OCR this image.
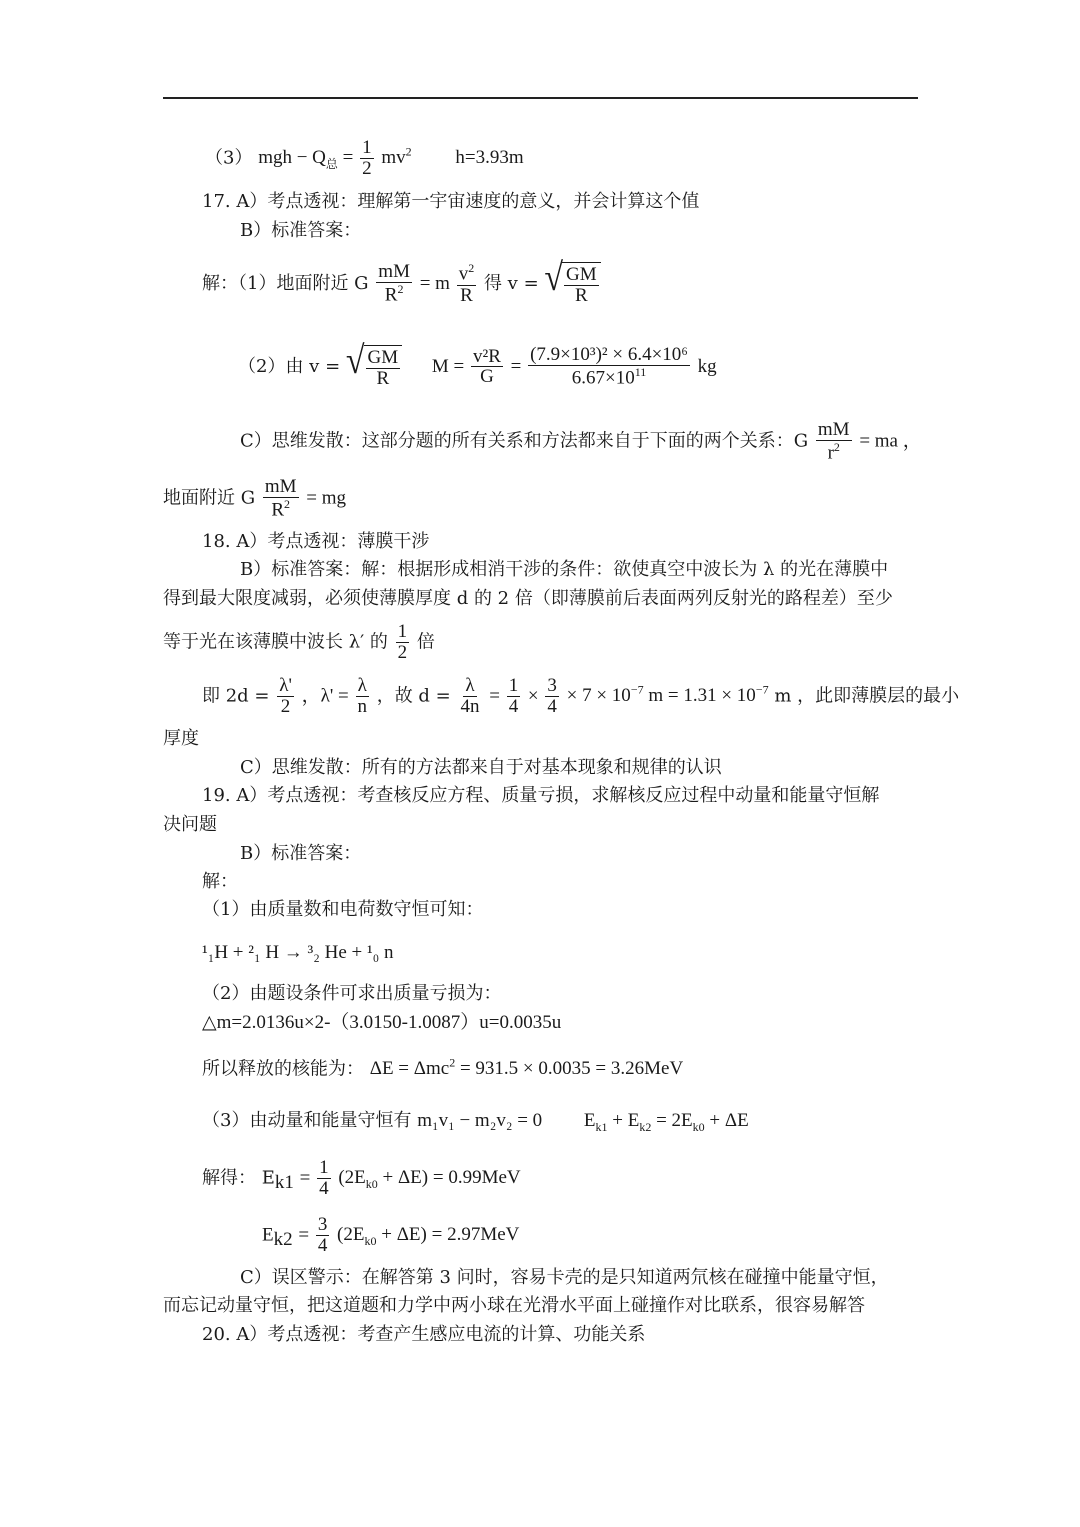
（3） mgh − $Q_总 = \frac{1}{2} mv^2$ h=3.93m
17. A）考点透视：理解第一宇宙速度的意义，并会计算这个值
B）标准答案：
解：（1）地面附近 G $\frac{mM}{R^2} = m \frac{v^2}{R}$ 得 v = √ $\frac{GM}{R}$
（2）由 v = √ $\frac{GM}{R}$ $M = \frac{\text{v²R}}{G} = \frac{\text{(7.9×10³)² × 6.4×10⁶}}{6.67\times 10^{11}}$ kg
C）思维发散：这部分题的所有关系和方法都来自于下面的两个关系：G $\frac{mM}{r^2}$ = ma ，
地面附近 G $\frac{mM}{R^2}$ = mg
18. A）考点透视：薄膜干涉
B）标准答案：解：根据形成相消干涉的条件：欲使真空中波长为 λ 的光在薄膜中
得到最大限度减弱，必须使薄膜厚度 d 的 2 倍（即薄膜前后表面两列反射光的路程差）至少
等于光在该薄膜中波长 λ′ 的 $\frac{1}{2}$ 倍
即 $2d = \frac{\lambda'}{2}$ ，$\lambda' = \frac{\lambda}{n}$ ，故 $d = \frac{\lambda}{4n} = \frac{1}{4} \times \frac{3}{4} \times 7 \times 10^{-7}$ $m = 1.31 \times 10^{-7}$ m ，此即薄膜层的最小
厚度
C）思维发散：所有的方法都来自于对基本现象和规律的认识
19. A）考点透视：考查核反应方程、质量亏损，求解核反应过程中动量和能量守恒解
决问题
B）标准答案：
解：
（1）由质量数和电荷数守恒可知：
¹₁H + ²₁ H → ³₂ He + ¹₀ n
（2）由题设条件可求出质量亏损为：
△m=2.0136u×2-（3.0150-1.0087）u=0.0035u
所以释放的核能为： ΔE = Δmc$^2$ = 931.5 × 0.0035 = 3.26MeV
（3）由动量和能量守恒有 m₁v₁ − m₂v₂ = 0 $E_{k1} + E_{k2} = 2E_{k0} + \Delta E$
解得： $E_{k1} = \frac{1}{4} (2E_{k0} + \Delta E) = 0.99MeV$
$E_{k2} = \frac{3}{4} (2E_{k0} + \Delta E) = 2.97MeV$
C）误区警示：在解答第 3 问时，容易卡壳的是只知道两氘核在碰撞中能量守恒，
而忘记动量守恒，把这道题和力学中两小球在光滑水平面上碰撞作对比联系，很容易解答
20. A）考点透视：考查产生感应电流的计算、功能关系
